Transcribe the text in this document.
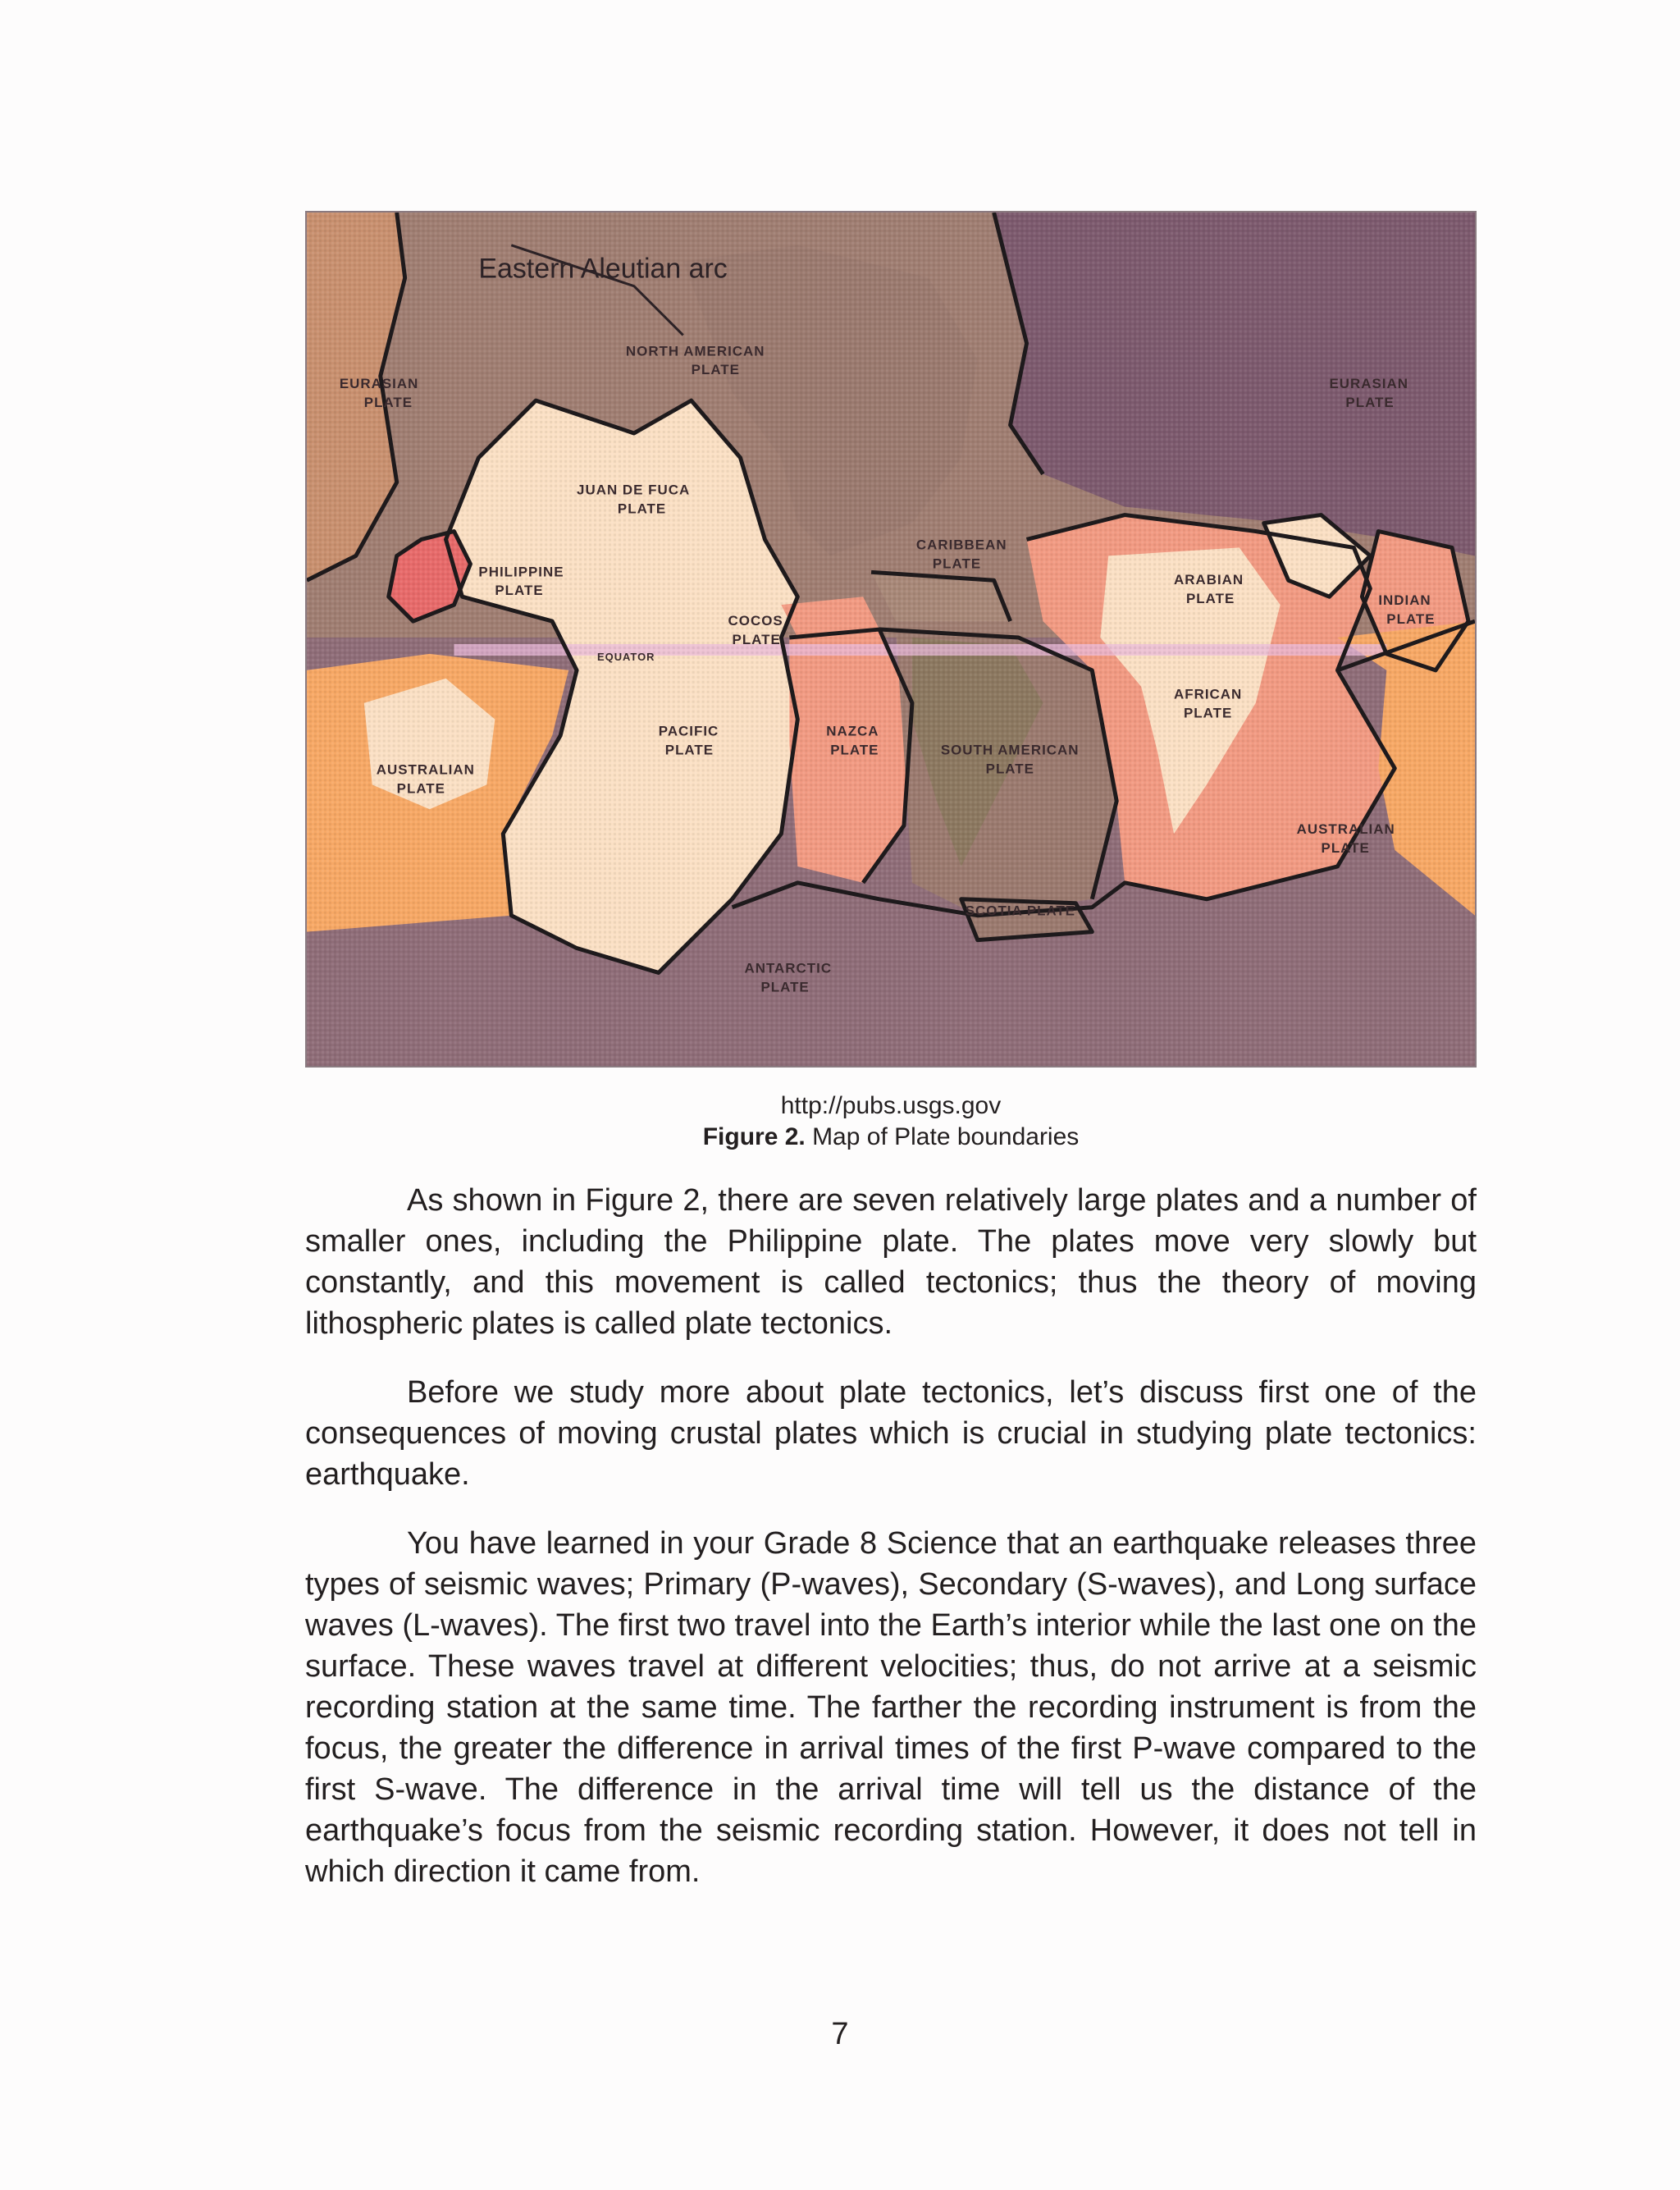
Eastern Aleutian arc
NORTH AMERICAN
PLATE
EURASIAN
PLATE
EURASIAN
PLATE
JUAN DE FUCA
PLATE
PHILIPPINE
PLATE
CARIBBEAN
PLATE
ARABIAN
PLATE	INDIAN
PLATE
COCOS
PLATE
EQUATOR
AFRICAN
PLATE
PACIFIC
PLATE
NAZCA
PLATE	SOUTH AMERICAN
PLATE
AUSTRALIAN
PLATE
AUSTRALIAN
PLATE
SCOTIA PLATE
ANTARCTIC
PLATE
http://pubs.usgs.gov
Figure 2. Map of Plate boundaries

As shown in Figure 2, there are seven relatively large plates and a number of smaller ones, including the Philippine plate. The plates move very slowly but constantly, and this movement is called tectonics; thus the theory of moving lithospheric plates is called plate tectonics.

Before we study more about plate tectonics, let’s discuss first one of the consequences of moving crustal plates which is crucial in studying plate tectonics: earthquake.

You have learned in your Grade 8 Science that an earthquake releases three types of seismic waves; Primary (P-waves), Secondary (S-waves), and Long surface waves (L-waves). The first two travel into the Earth’s interior while the last one on the surface. These waves travel at different velocities; thus, do not arrive at a seismic recording station at the same time. The farther the recording instrument is from the focus, the greater the difference in arrival times of the first P-wave compared to the first S-wave. The difference in the arrival time will tell us the distance of the earthquake’s focus from the seismic recording station. However, it does not tell in which direction it came from.

7
